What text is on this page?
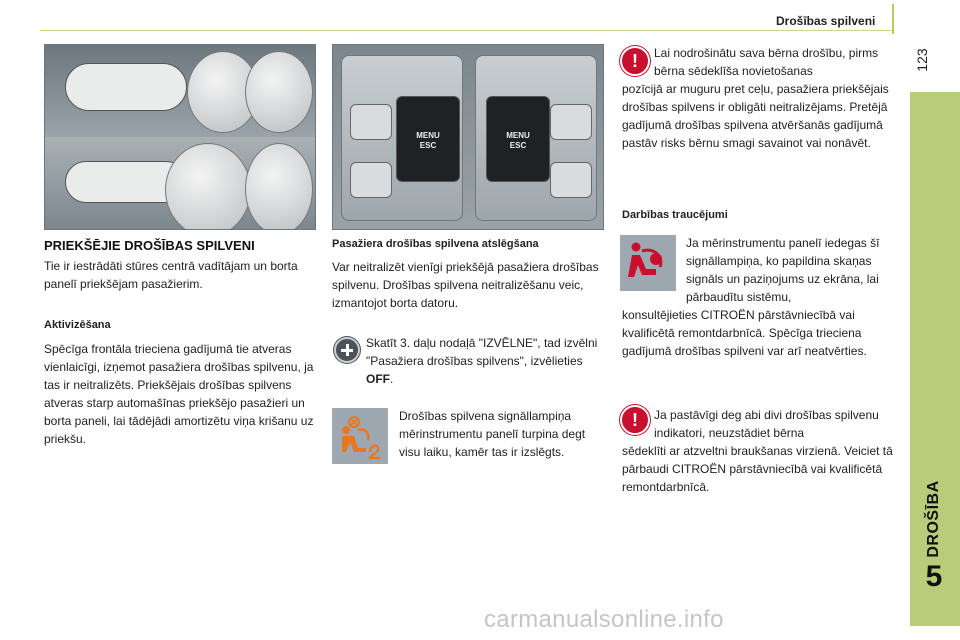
Drošības spilveni
123
DROŠĪBA
5
MENU
ESC
MENU
ESC
PRIEKŠĒJIE DROŠĪBAS SPILVENI
Tie ir iestrādāti stūres centrā vadītājam un borta panelī priekšējam pasažierim.
Aktivizēšana
Spēcīga frontāla trieciena gadījumā tie atveras vienlaicīgi, izņemot pasažiera drošības spilvenu, ja tas ir neitralizēts. Priekšējais drošības spilvens atveras starp automašīnas priekšējo pasažieri un borta paneli, lai tādējādi amortizētu viņa krišanu uz priekšu.
Pasažiera drošības spilvena atslēgšana
Var neitralizēt vienīgi priekšējā pasažiera drošības spilvenu. Drošības spilvena neitralizēšanu veic, izmantojot borta datoru.
Skatīt 3. daļu nodaļā "IZVĒLNE", tad izvēlni "Pasažiera drošības spilvens", izvēlieties OFF.
Drošības spilvena signāllampiņa mērinstrumentu panelī turpina degt visu laiku, kamēr tas ir izslēgts.
!	Lai nodrošinātu sava bērna drošību, pirms bērna sēdeklīša novietošanas
pozīcijā ar muguru pret ceļu, pasažiera priekšējais drošības spilvens ir obligāti neitralizējams. Pretējā gadījumā drošības spilvena atvēršanās gadījumā pastāv risks bērnu smagi savainot vai nonāvēt.
Darbības traucējumi
Ja mērinstrumentu panelī iedegas šī signāllampiņa, ko papildina skaņas signāls un paziņojums uz ekrāna, lai pārbaudītu sistēmu,
konsultējieties CITROËN pārstāvniecībā vai kvalificētā remontdarbnīcā. Spēcīga trieciena gadījumā drošības spilveni var arī neatvērties.
!	Ja pastāvīgi deg abi divi drošības spilvenu indikatori, neuzstādiet bērna
sēdeklīti ar atzveltni braukšanas virzienā. Veiciet tā pārbaudi CITROËN pārstāvniecībā vai kvalificētā remontdarbnīcā.
carmanualsonline.info
